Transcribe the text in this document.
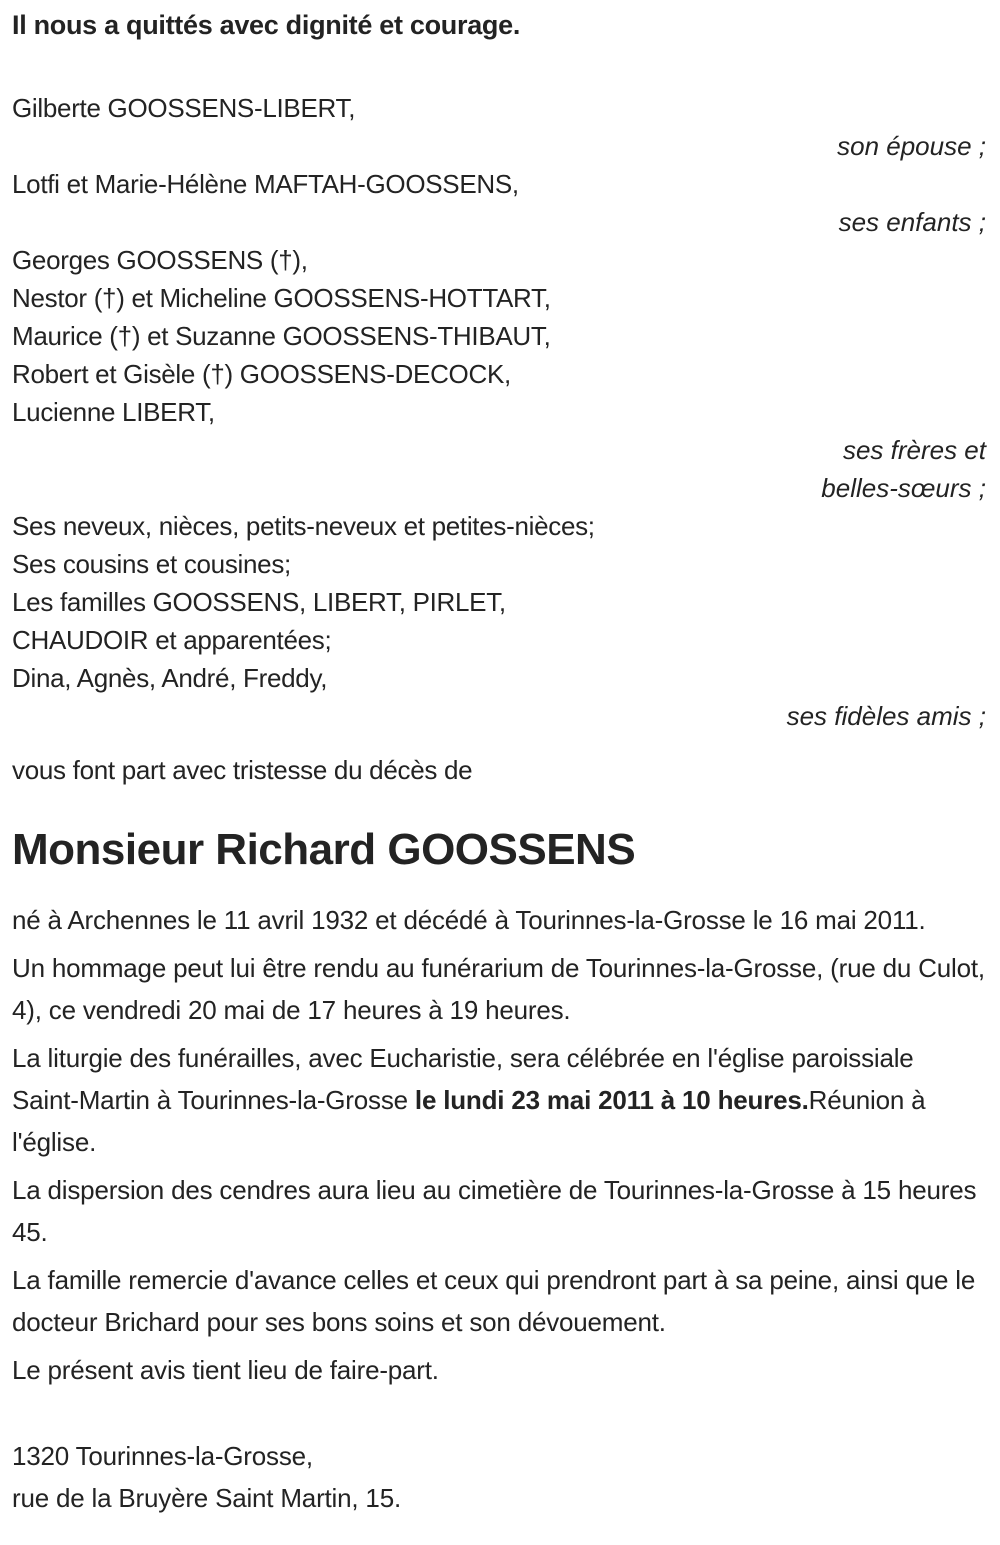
Il nous a quittés avec dignité et courage.

Gilberte GOOSSENS-LIBERT,

son épouse ;

Lotfi et Marie-Hélène MAFTAH-GOOSSENS,

ses enfants ;

Georges GOOSSENS (†),

Nestor (†) et Micheline GOOSSENS-HOTTART,

Maurice (†) et Suzanne GOOSSENS-THIBAUT,

Robert et Gisèle (†) GOOSSENS-DECOCK,

Lucienne LIBERT,

ses frères et

belles-sœurs ;

Ses neveux, nièces, petits-neveux et petites-nièces;

Ses cousins et cousines;

Les familles GOOSSENS, LIBERT, PIRLET,

CHAUDOIR et apparentées;

Dina, Agnès, André, Freddy,

ses fidèles amis ;

vous font part avec tristesse du décès de

Monsieur Richard GOOSSENS

né à Archennes le 11 avril 1932 et décédé à Tourinnes-la-Grosse le 16 mai 2011.

Un hommage peut lui être rendu au funérarium de Tourinnes-la-Grosse, (rue du Culot, 4), ce vendredi 20 mai de 17 heures à 19 heures.

La liturgie des funérailles, avec Eucharistie, sera célébrée en l'église paroissiale Saint-Martin à Tourinnes-la-Grosse le lundi 23 mai 2011 à 10 heures.Réunion à l'église.

La dispersion des cendres aura lieu au cimetière de Tourinnes-la-Grosse à 15 heures 45.

La famille remercie d'avance celles et ceux qui prendront part à sa peine, ainsi que le docteur Brichard pour ses bons soins et son dévouement.

Le présent avis tient lieu de faire-part.

1320 Tourinnes-la-Grosse,

rue de la Bruyère Saint Martin, 15.
